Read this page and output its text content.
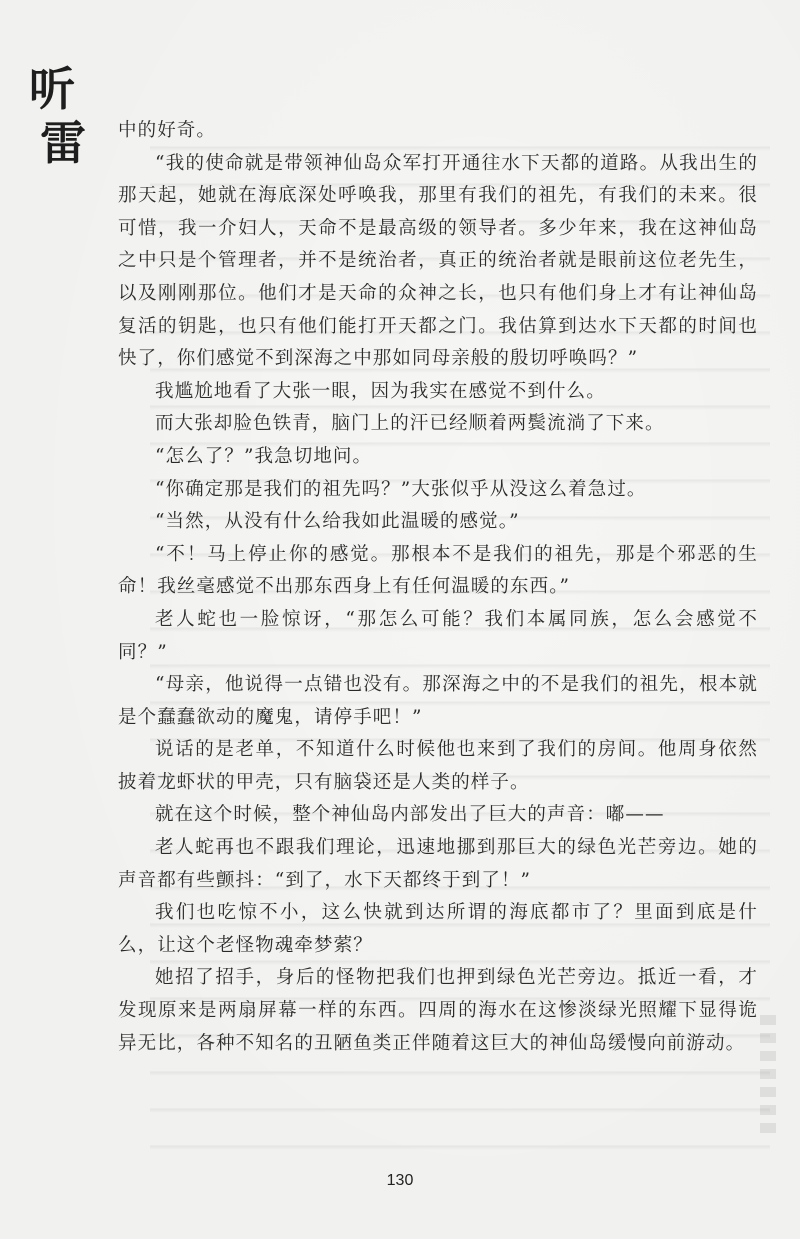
听
雷 中的好奇。

“我的使命就是带领神仙岛众军打开通往水下天都的道路。从我出生的那天起，她就在海底深处呼唤我，那里有我们的祖先，有我们的未来。很可惜，我一介妇人，天命不是最高级的领导者。多少年来，我在这神仙岛之中只是个管理者，并不是统治者，真正的统治者就是眼前这位老先生，以及刚刚那位。他们才是天命的众神之长，也只有他们身上才有让神仙岛复活的钥匙，也只有他们能打开天都之门。我估算到达水下天都的时间也快了，你们感觉不到深海之中那如同母亲般的殷切呼唤吗？”

我尴尬地看了大张一眼，因为我实在感觉不到什么。

而大张却脸色铁青，脑门上的汗已经顺着两鬓流淌了下来。

“怎么了？”我急切地问。

“你确定那是我们的祖先吗？”大张似乎从没这么着急过。

“当然，从没有什么给我如此温暖的感觉。”

“不！马上停止你的感觉。那根本不是我们的祖先，那是个邪恶的生命！我丝毫感觉不出那东西身上有任何温暖的东西。”

老人蛇也一脸惊讶，“那怎么可能？我们本属同族，怎么会感觉不同？”

“母亲，他说得一点错也没有。那深海之中的不是我们的祖先，根本就是个蠢蠢欲动的魔鬼，请停手吧！”

说话的是老单，不知道什么时候他也来到了我们的房间。他周身依然披着龙虾状的甲壳，只有脑袋还是人类的样子。

就在这个时候，整个神仙岛内部发出了巨大的声音：嘟——

老人蛇再也不跟我们理论，迅速地挪到那巨大的绿色光芒旁边。她的声音都有些颤抖：“到了，水下天都终于到了！”

我们也吃惊不小，这么快就到达所谓的海底都市了？里面到底是什么，让这个老怪物魂牵梦萦？

她招了招手，身后的怪物把我们也押到绿色光芒旁边。抵近一看，才发现原来是两扇屏幕一样的东西。四周的海水在这惨淡绿光照耀下显得诡异无比，各种不知名的丑陋鱼类正伴随着这巨大的神仙岛缓慢向前游动。

130
